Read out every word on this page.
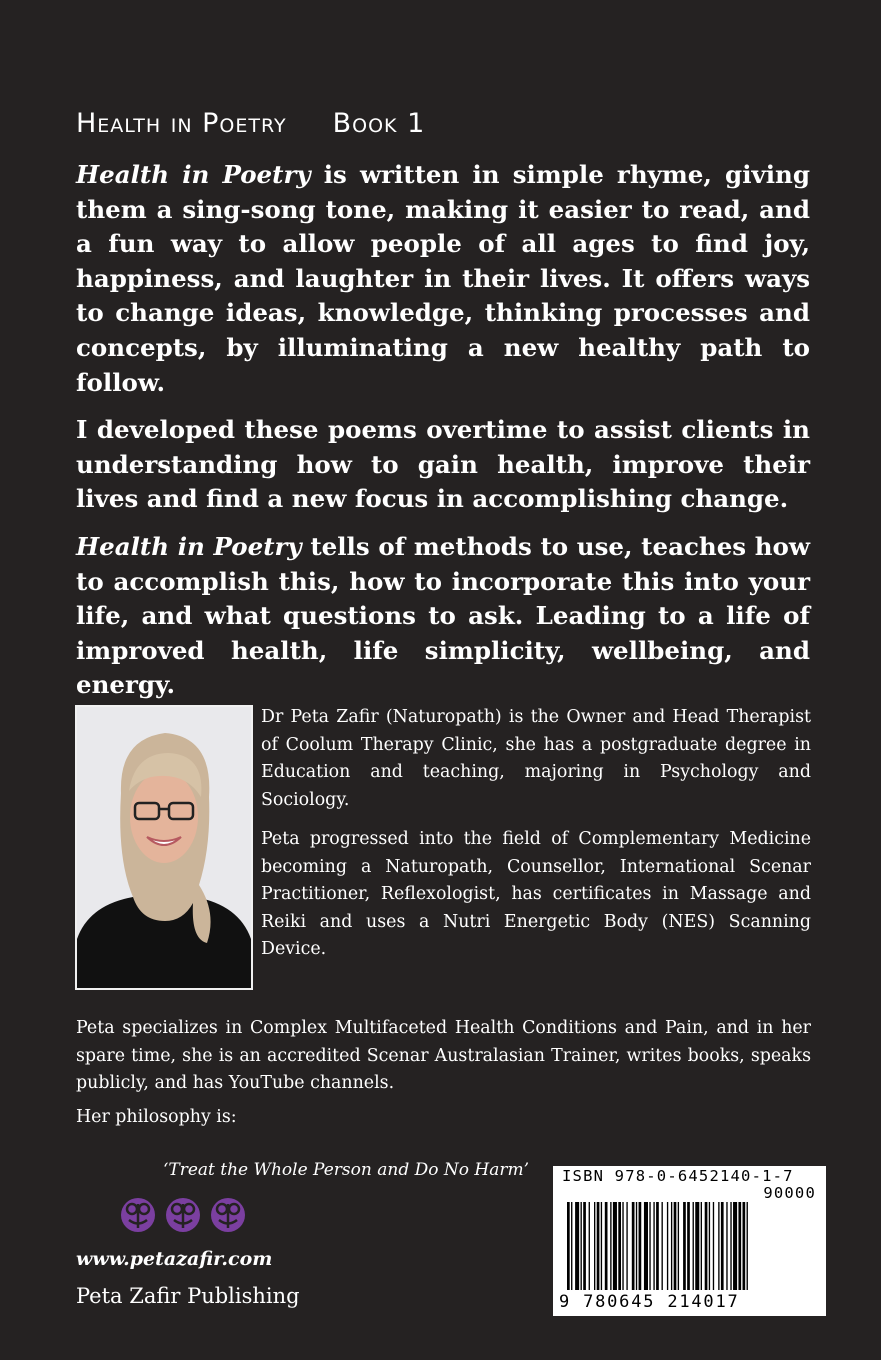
Health in Poetry Book 1

Health in Poetry is written in simple rhyme, giving them a sing-song tone, making it easier to read, and a fun way to allow people of all ages to find joy, happiness, and laughter in their lives. It offers ways to change ideas, knowledge, thinking processes and concepts, by illuminating a new healthy path to follow.

I developed these poems overtime to assist clients in understanding how to gain health, improve their lives and find a new focus in accomplishing change.

Health in Poetry tells of methods to use, teaches how to accomplish this, how to incorporate this into your life, and what questions to ask. Leading to a life of improved health, life simplicity, wellbeing, and energy.

Dr Peta Zafir (Naturopath) is the Owner and Head Therapist of Coolum Therapy Clinic, she has a postgraduate degree in Education and teaching, majoring in Psychology and Sociology.

Peta progressed into the field of Complementary Medicine becoming a Naturopath, Counsellor, International Scenar Practitioner, Reflexologist, has certificates in Massage and Reiki and uses a Nutri Energetic Body (NES) Scanning Device.

Peta specializes in Complex Multifaceted Health Conditions and Pain, and in her spare time, she is an accredited Scenar Australasian Trainer, writes books, speaks publicly, and has YouTube channels.

Her philosophy is:

‘Treat the Whole Person and Do No Harm’
www.petazafir.com
Peta Zafir Publishing
ISBN 978-0-6452140-1-7
90000
9 780645 214017
